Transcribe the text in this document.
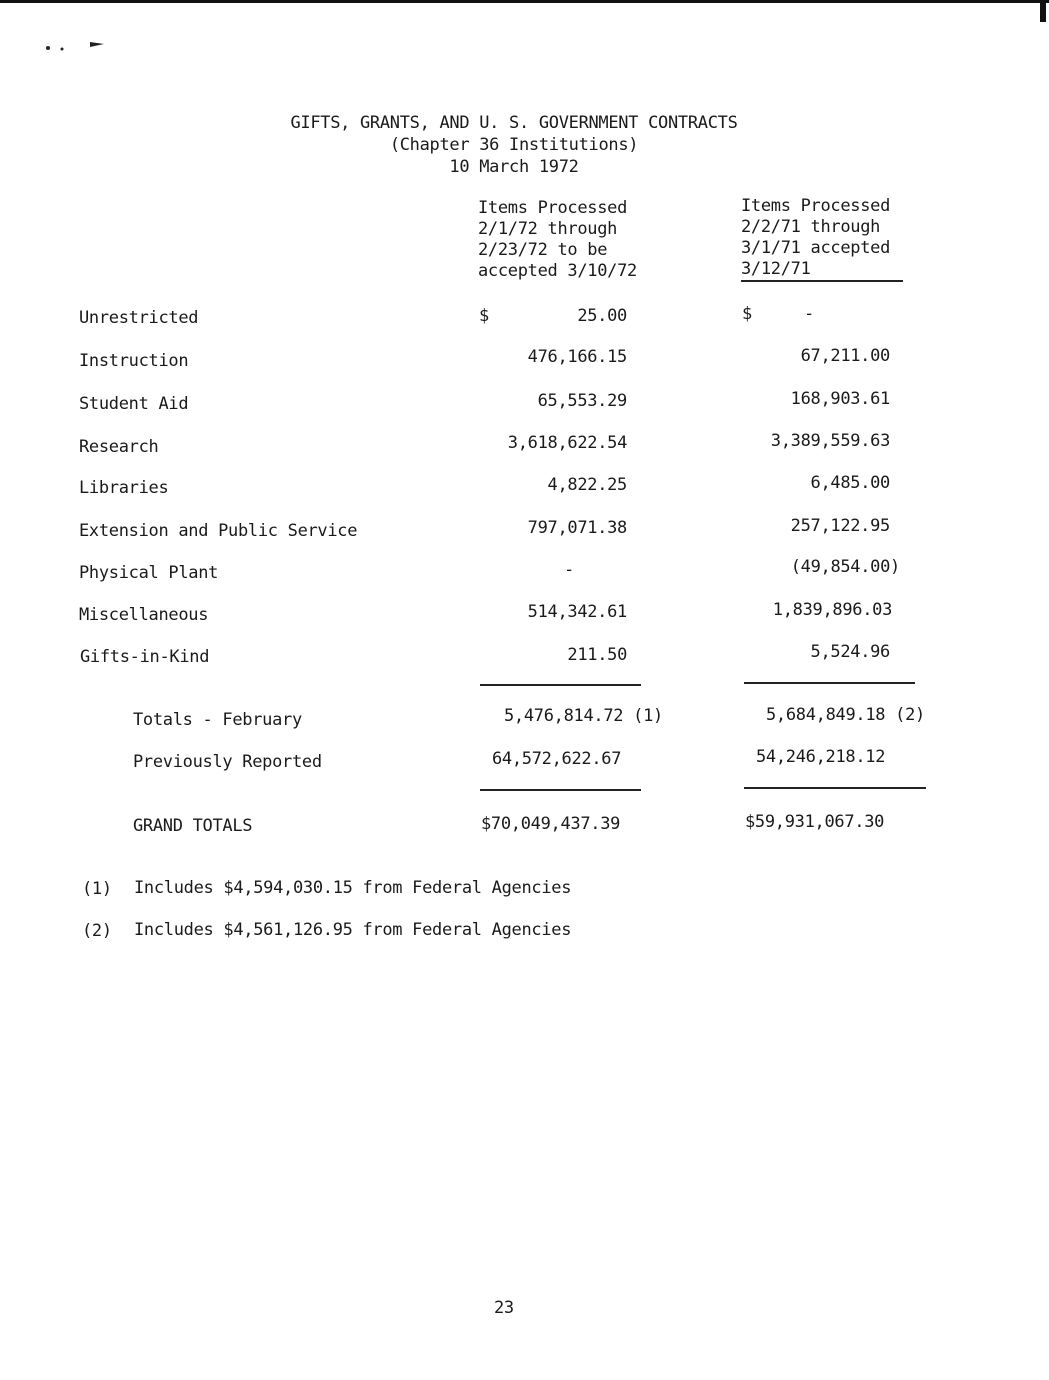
GIFTS, GRANTS, AND U. S. GOVERNMENT CONTRACTS
(Chapter 36 Institutions)
10 March 1972
Items Processed
2/1/72 through
2/23/72 to be
accepted 3/10/72
Items Processed
2/2/71 through
3/1/71 accepted
3/12/71
Unrestricted	$	25.00	$	-
Instruction	476,166.15	67,211.00
Student Aid	65,553.29	168,903.61
Research	3,618,622.54	3,389,559.63
Libraries	4,822.25	6,485.00
Extension and Public Service	797,071.38	257,122.95
Physical Plant	-	(49,854.00)
Miscellaneous	514,342.61	1,839,896.03
Gifts-in-Kind	211.50	5,524.96
Totals - February	5,476,814.72 (1)	5,684,849.18 (2)
Previously Reported	64,572,622.67	54,246,218.12
GRAND TOTALS	$70,049,437.39	$59,931,067.30
(1) Includes $4,594,030.15 from Federal Agencies
(2) Includes $4,561,126.95 from Federal Agencies
23
